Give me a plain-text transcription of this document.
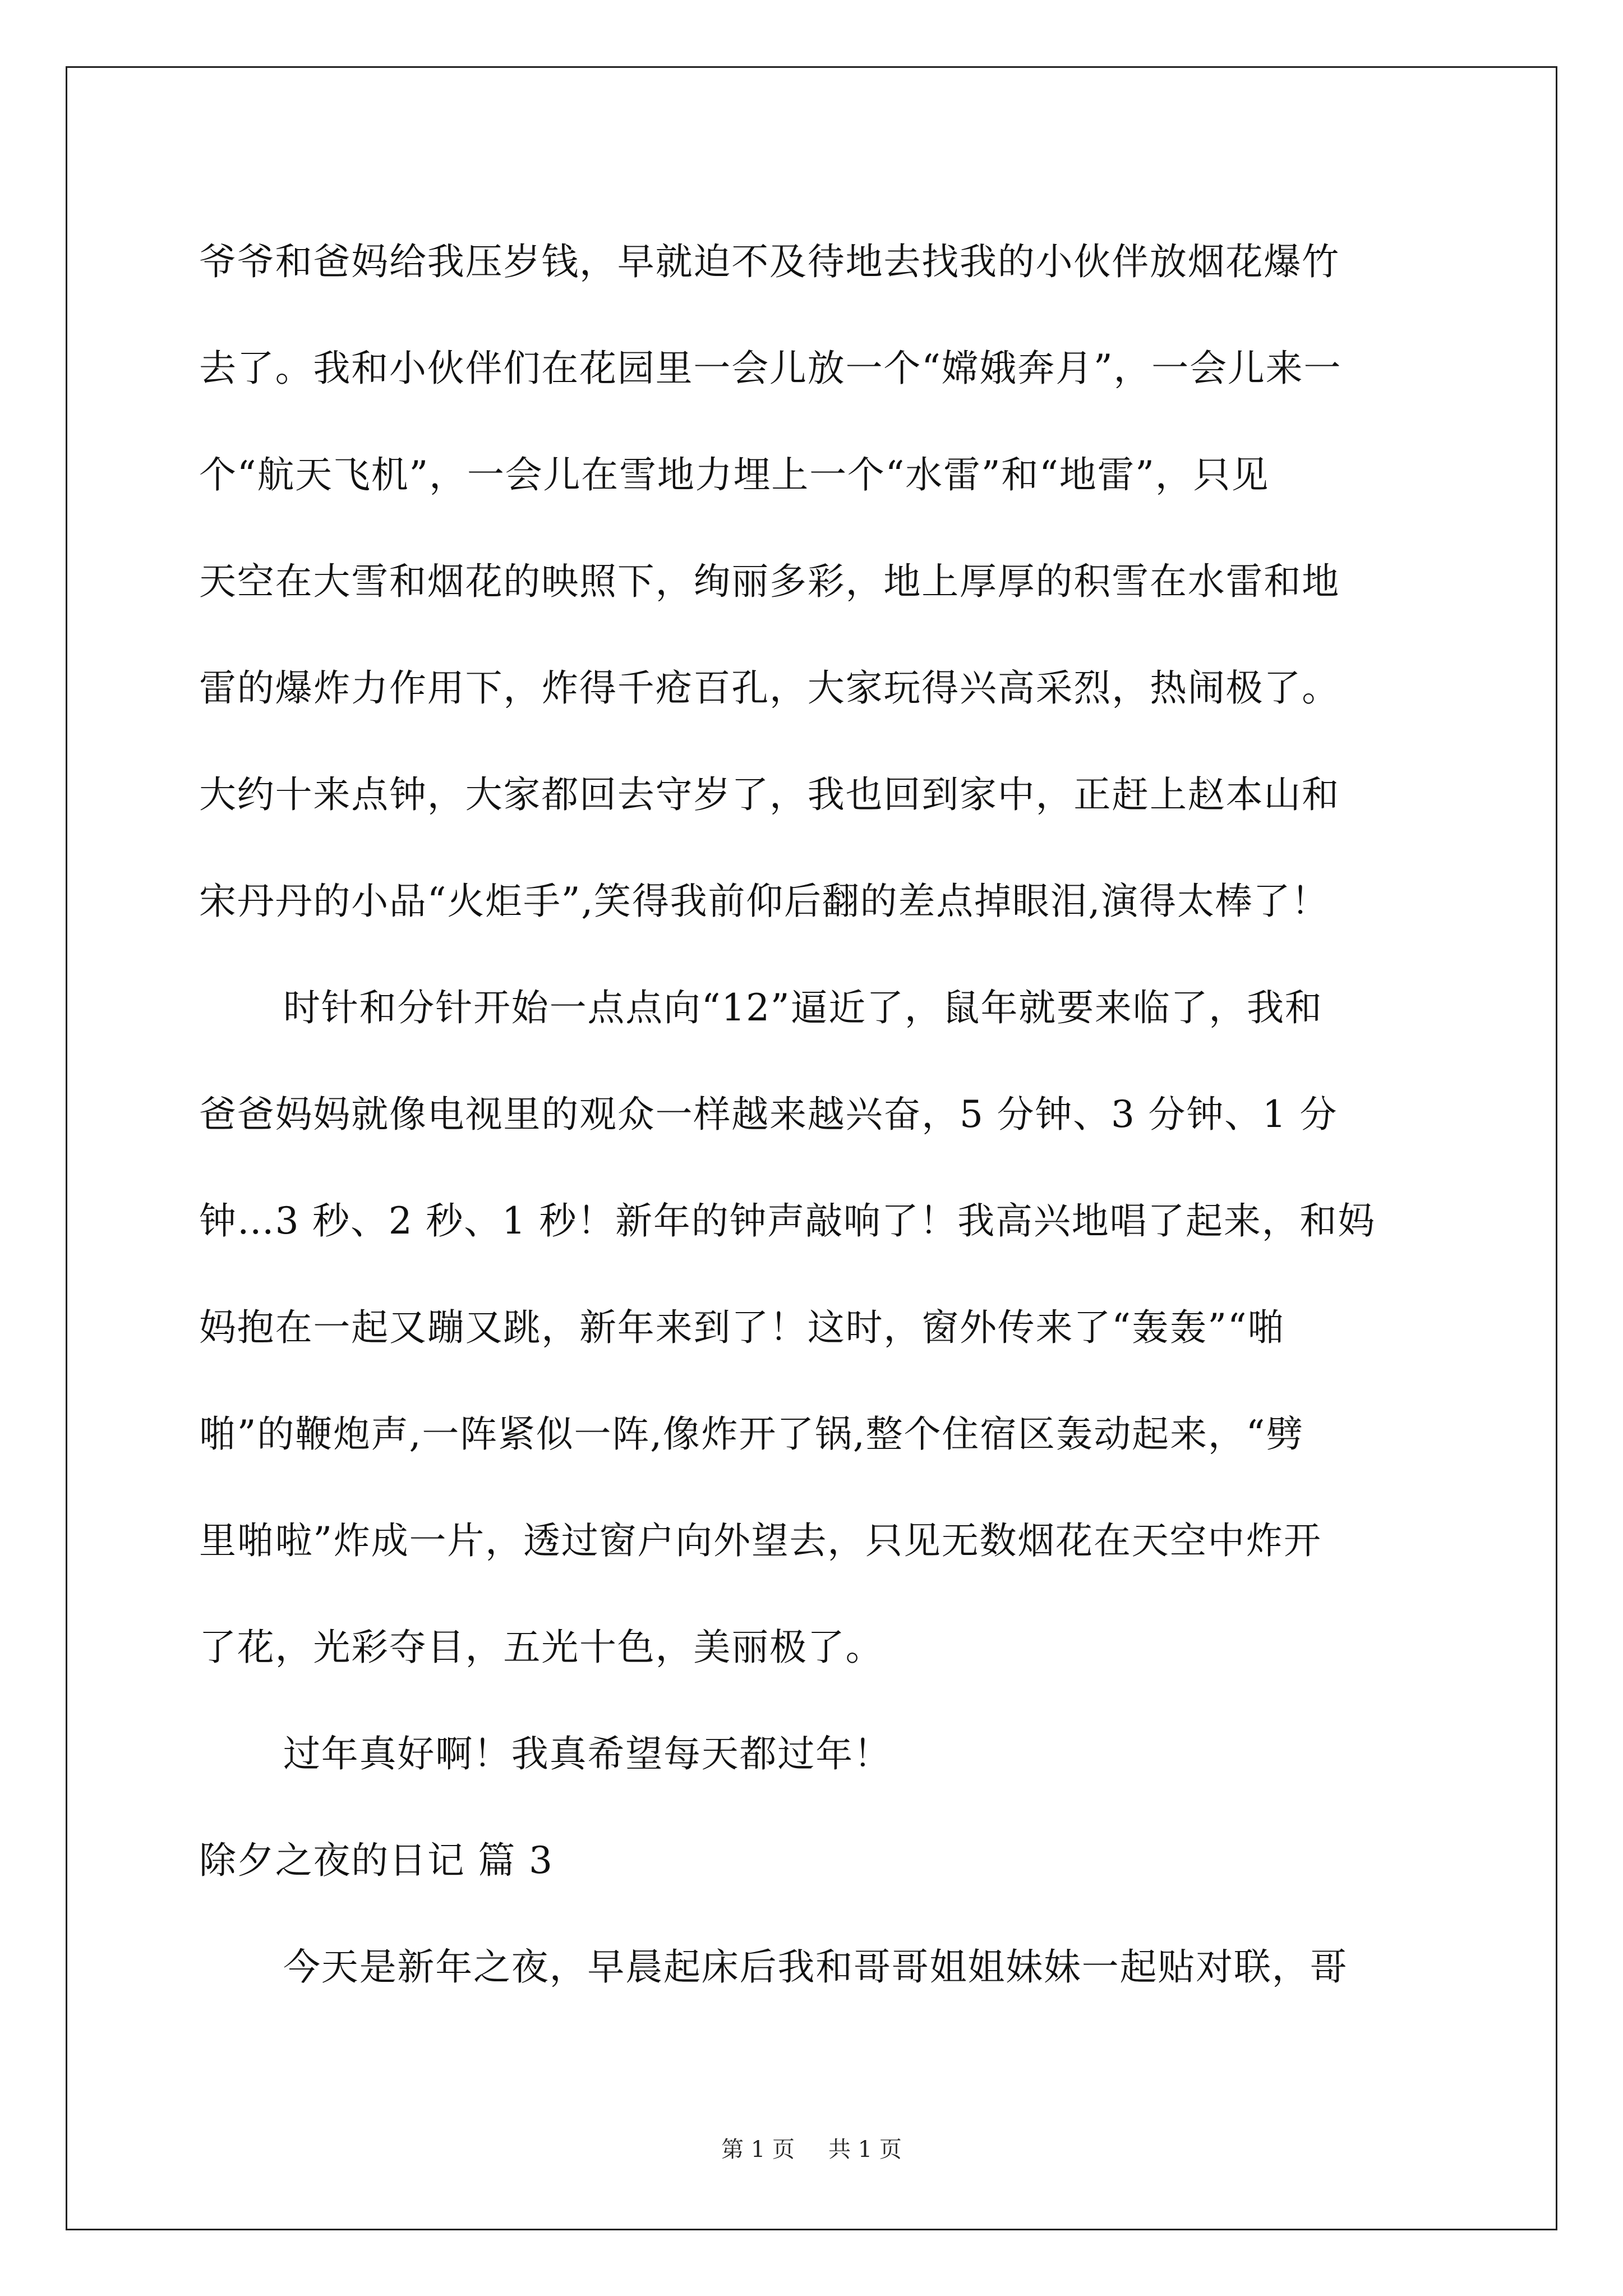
爷爷和爸妈给我压岁钱，早就迫不及待地去找我的小伙伴放烟花爆竹
去了。我和小伙伴们在花园里一会儿放一个“嫦娥奔月”，一会儿来一
个“航天飞机”，一会儿在雪地力埋上一个“水雷”和“地雷”，只见
天空在大雪和烟花的映照下，绚丽多彩，地上厚厚的积雪在水雷和地
雷的爆炸力作用下，炸得千疮百孔，大家玩得兴高采烈，热闹极了。
大约十来点钟，大家都回去守岁了，我也回到家中，正赶上赵本山和
宋丹丹的小品“火炬手”,笑得我前仰后翻的差点掉眼泪,演得太棒了！
时针和分针开始一点点向“12”逼近了，鼠年就要来临了，我和
爸爸妈妈就像电视里的观众一样越来越兴奋，5 分钟、3 分钟、1 分
钟…3 秒、2 秒、1 秒！新年的钟声敲响了！我高兴地唱了起来，和妈
妈抱在一起又蹦又跳，新年来到了！这时，窗外传来了“轰轰”“啪
啪”的鞭炮声,一阵紧似一阵,像炸开了锅,整个住宿区轰动起来，“劈
里啪啦”炸成一片，透过窗户向外望去，只见无数烟花在天空中炸开
了花，光彩夺目，五光十色，美丽极了。
过年真好啊！我真希望每天都过年！
除夕之夜的日记 篇 3
今天是新年之夜，早晨起床后我和哥哥姐姐妹妹一起贴对联，哥
第 1 页 共 1 页
